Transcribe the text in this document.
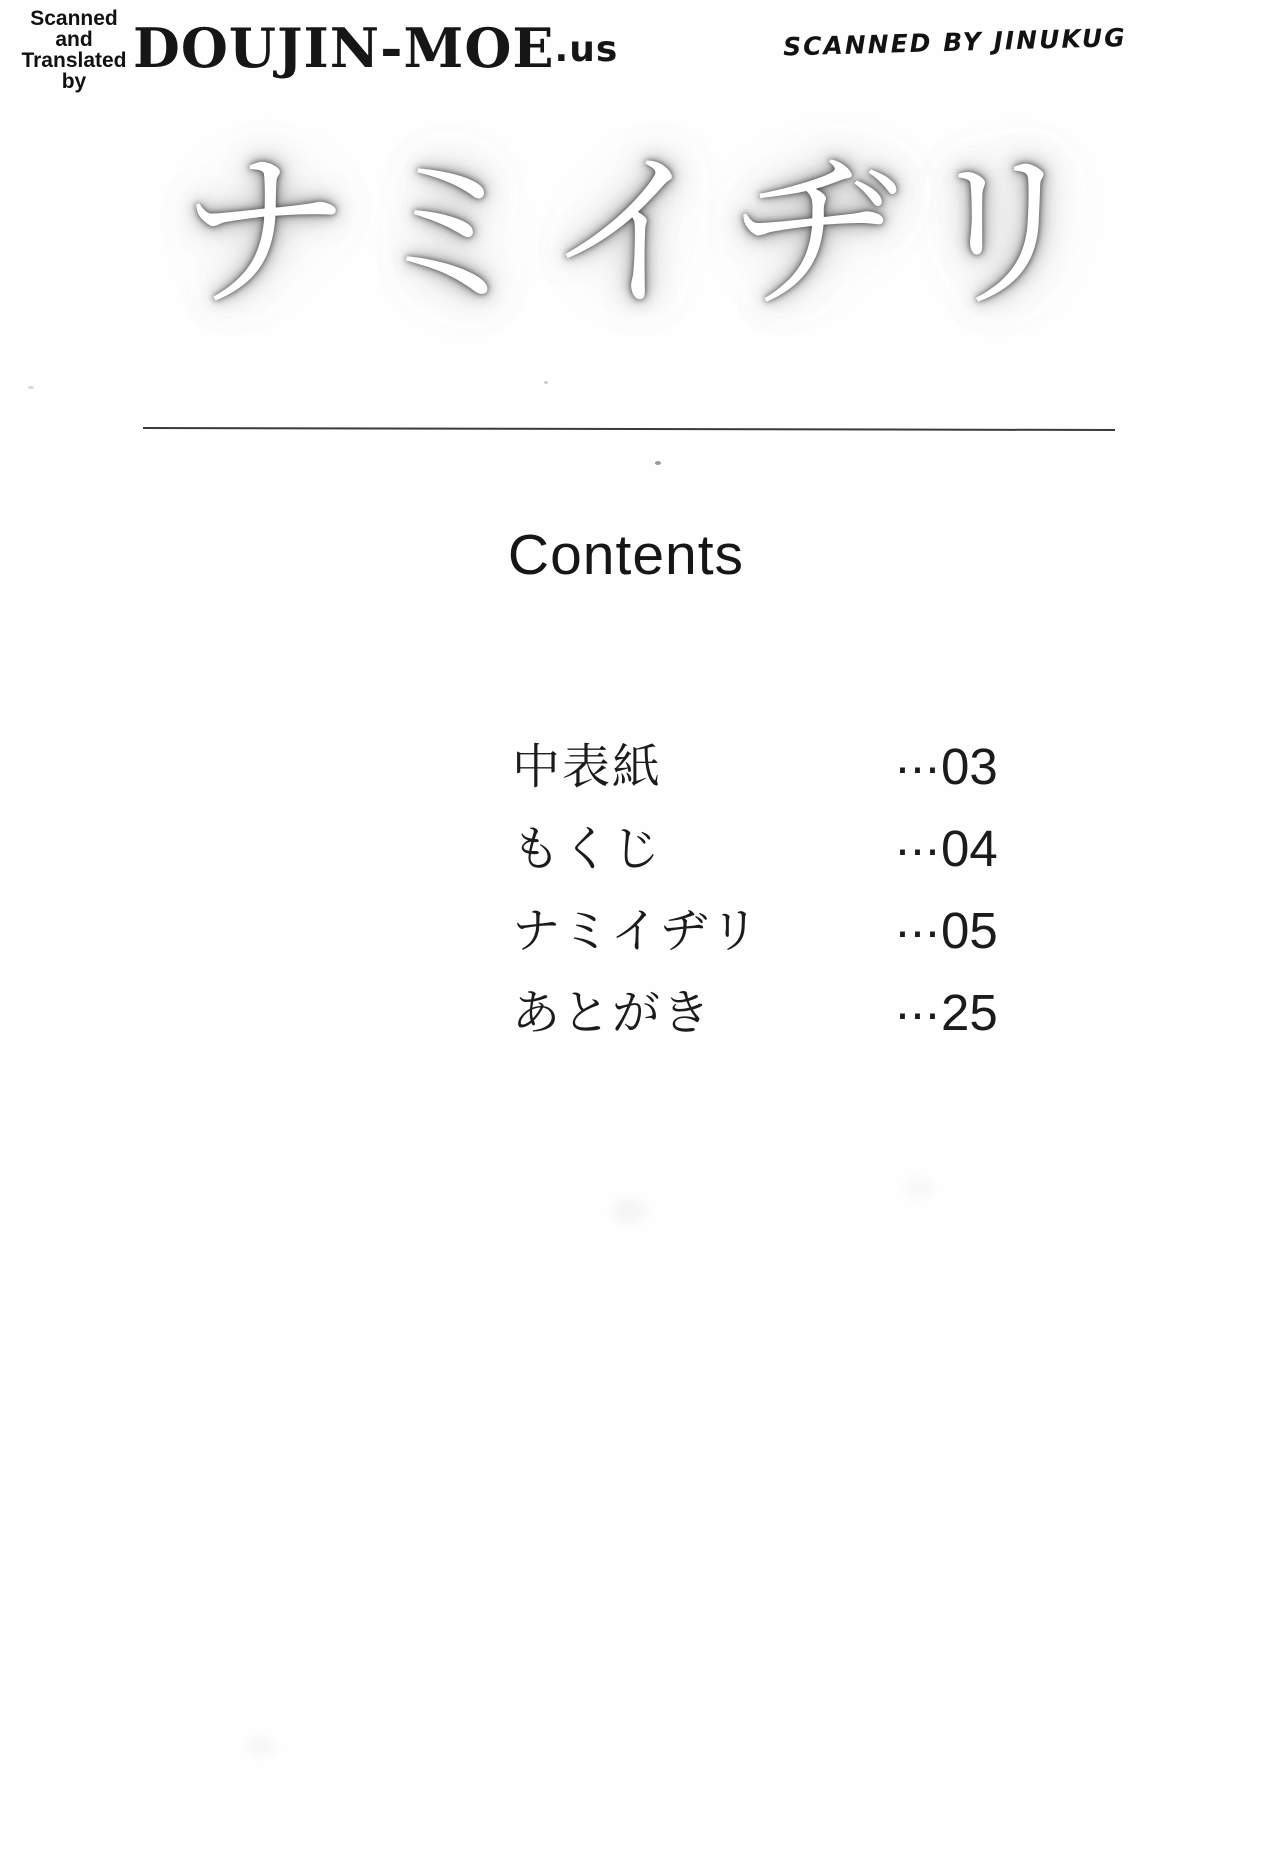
Scanned
and
Translated
by
DOUJIN-MOE.us	SCANNED BY JINUKUG
ナミイヂリ
Contents
中表紙	···03
もくじ	···04
ナミイヂリ	···05
あとがき	···25
